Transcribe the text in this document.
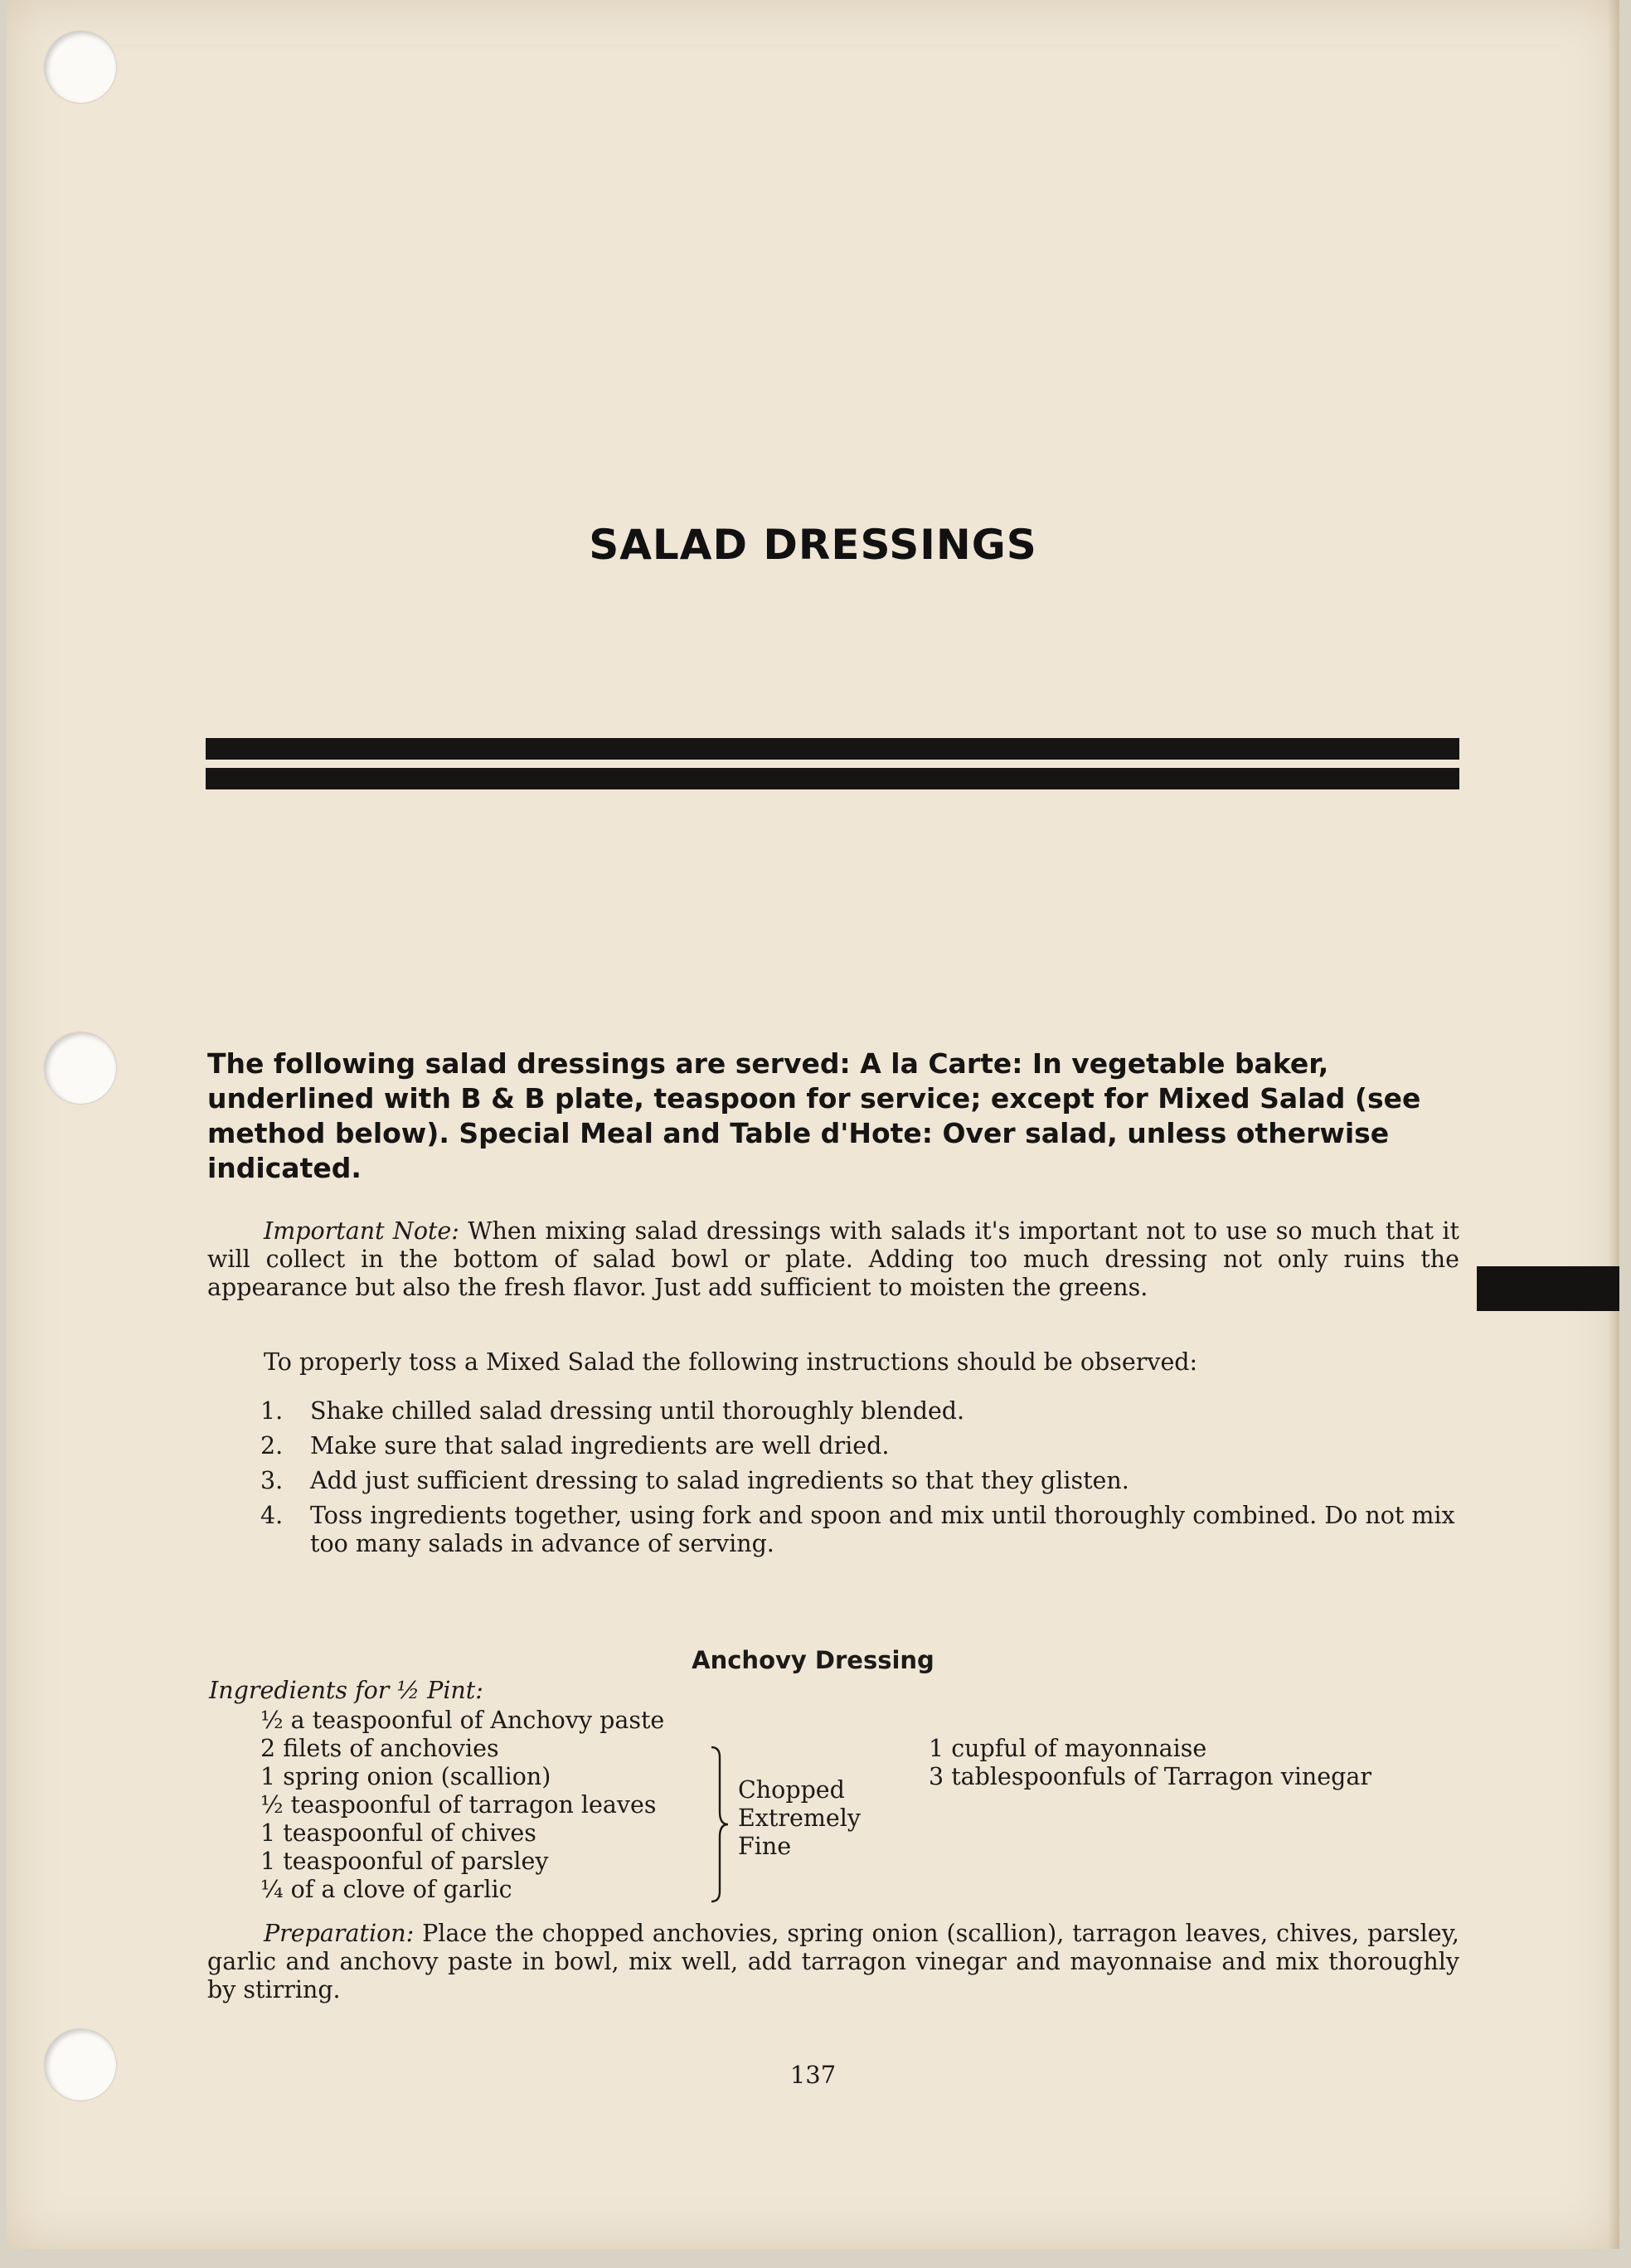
SALAD DRESSINGS

The following salad dressings are served: A la Carte: In vegetable baker, underlined with B & B plate, teaspoon for service; except for Mixed Salad (see method below). Special Meal and Table d'Hote: Over salad, unless otherwise indicated.

Important Note: When mixing salad dressings with salads it's important not to use so much that it will collect in the bottom of salad bowl or plate. Adding too much dressing not only ruins the appearance but also the fresh flavor. Just add sufficient to moisten the greens.

To properly toss a Mixed Salad the following instructions should be observed:

1.	Shake chilled salad dressing until thoroughly blended.
2.	Make sure that salad ingredients are well dried.
3.	Add just sufficient dressing to salad ingredients so that they glisten.
4.	Toss ingredients together, using fork and spoon and mix until thoroughly combined. Do not mix too many salads in advance of serving.
Anchovy Dressing
Ingredients for ½ Pint:
½ a teaspoonful of Anchovy paste
2 filets of anchovies
1 spring onion (scallion)
½ teaspoonful of tarragon leaves
1 teaspoonful of chives
1 teaspoonful of parsley
¼ of a clove of garlic
Chopped
Extremely
Fine
1 cupful of mayonnaise
3 tablespoonfuls of Tarragon vinegar

Preparation: Place the chopped anchovies, spring onion (scallion), tarragon leaves, chives, parsley, garlic and anchovy paste in bowl, mix well, add tarragon vinegar and mayonnaise and mix thoroughly by stirring.

137
